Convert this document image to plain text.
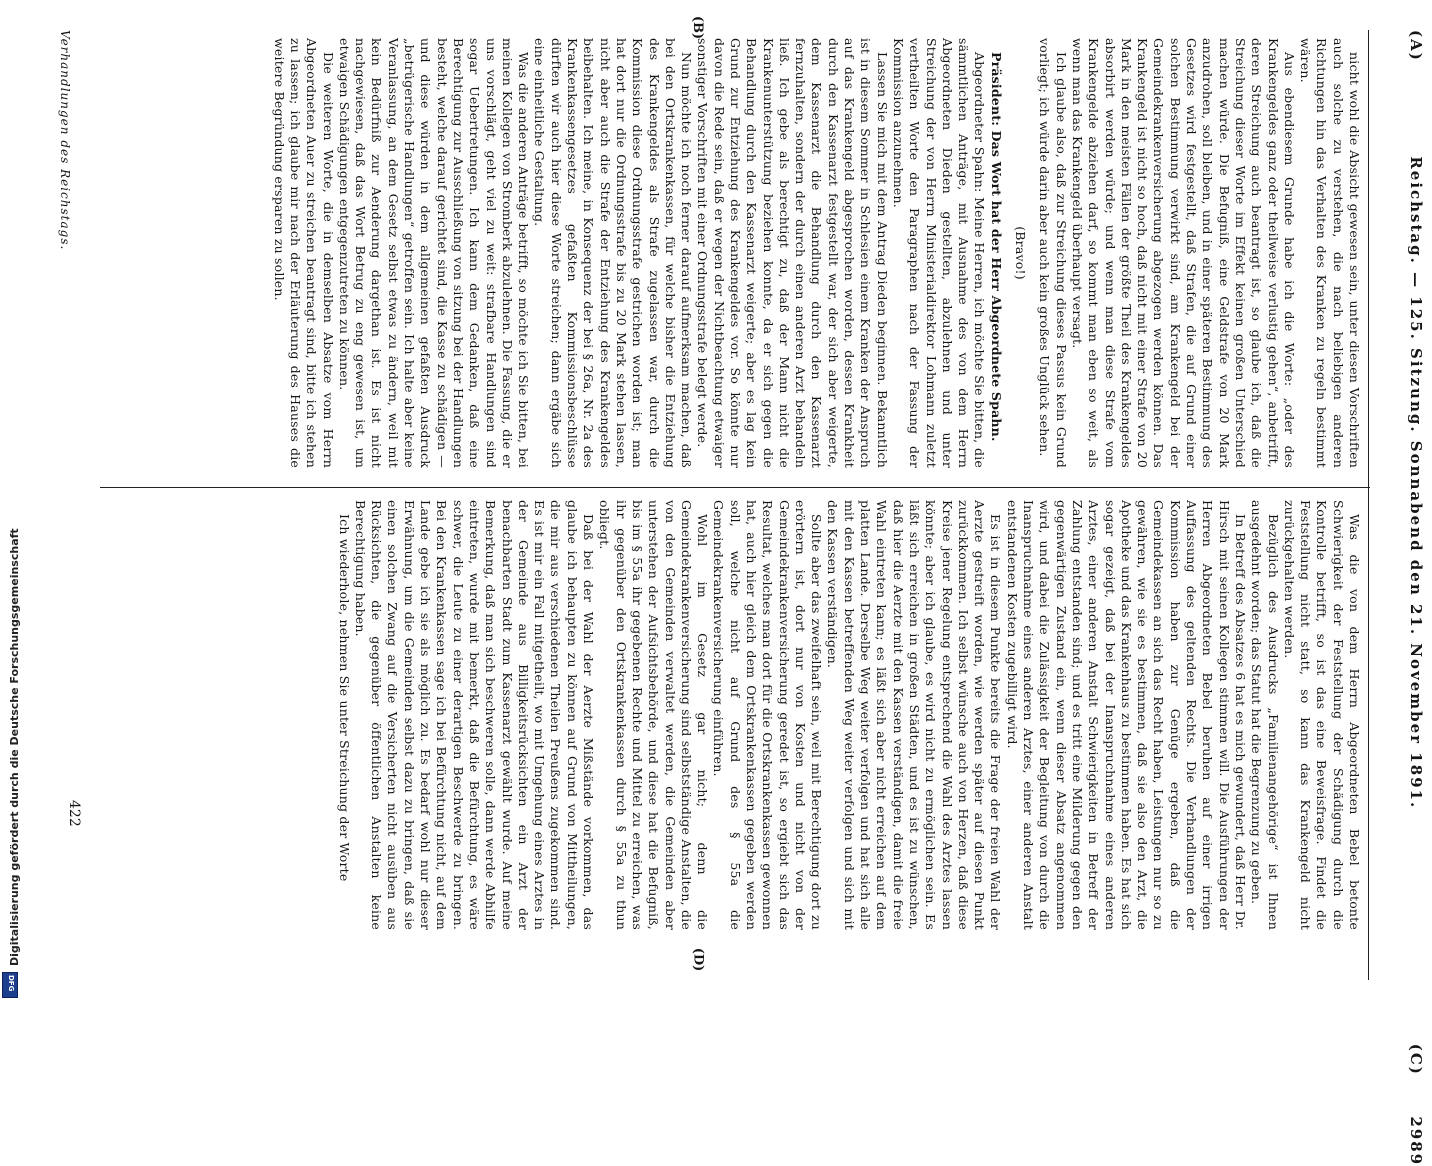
(A)  Reichstag. — 125. Sitzung. Sonnabend den 21. November 1891.  (C)  2989

nicht wohl die Absicht gewesen sein, unter diesen Vorschriften auch solche zu verstehen, die nach beliebigen anderen Richtungen hin das Verhalten des Kranken zu regeln bestimmt wären.

Aus ebendiesem Grunde habe ich die Worte: „oder des Krankengeldes ganz oder theilweise verlustig gehen“, anbetrifft, deren Streichung auch beantragt ist, so glaube ich, daß die Streichung dieser Worte im Effekt keinen großen Unterschied machen würde. Die Befugniß, eine Geldstrafe von 20 Mark anzudrohen, soll bleiben, und in einer späteren Bestimmung des Gesetzes wird festgestellt, daß Strafen, die auf Grund einer solchen Bestimmung verwirkt sind, am Krankengeld bei der Gemeindekrankenversicherung abgezogen werden können. Das Krankengeld ist nicht so hoch, daß nicht mit einer Strafe von 20 Mark in den meisten Fällen der größte Theil des Krankengeldes absorbirt werden würde; und wenn man diese Strafe vom Krankengelde abziehen darf, so kommt man eben so weit, als wenn man das Krankengeld überhaupt versagt.

Ich glaube also, daß zur Streichung dieses Passus kein Grund vorliegt; ich würde darin aber auch kein großes Unglück sehen.

(Bravo!)

Präsident: Das Wort hat der Herr Abgeordnete Spahn.

Abgeordneter Spahn: Meine Herren, ich möchte Sie bitten, die sämmtlichen Anträge, mit Ausnahme des von dem Herrn Abgeordneten Dieden gestellten, abzulehnen und unter Streichung der von Herrn Ministerialdirektor Lohmann zuletzt vertheilten Worte den Paragraphen nach der Fassung der Kommission anzunehmen.

Lassen Sie mich mit dem Antrag Dieden beginnen. Bekanntlich ist in diesem Sommer in Schlesien einem Kranken der Anspruch auf das Krankengeld abgesprochen worden, dessen Krankheit durch den Kassenarzt festgestellt war, der sich aber weigerte, dem Kassenarzt die Behandlung durch den Kassenarzt fernzuhalten, sondern der durch einen anderen Arzt behandeln ließ. Ich gebe als berechtigt zu, daß der Mann nicht die Krankenunterstützung beziehen konnte, da er sich gegen die Behandlung durch den Kassenarzt weigerte; aber es lag kein Grund zur Entziehung des Krankengeldes vor. So könnte nur davon die Rede sein, daß er wegen der Nichtbeachtung etwaiger sonstiger Vorschriften mit einer Ordnungsstrafe belegt werde.

Nun möchte ich noch ferner darauf aufmerksam machen, daß bei den Ortskrankenkassen, für welche bisher die Entziehung des Krankengeldes als Strafe zugelassen war, durch die Kommission diese Ordnungsstrafe gestrichen worden ist; man hat dort nur die Ordnungsstrafe bis zu 20 Mark stehen lassen, nicht aber auch die Strafe der Entziehung des Krankengeldes beibehalten. Ich meine, in Konsequenz der bei § 26a, Nr. 2a des Krankenkassengesetzes gefaßten Kommissionsbeschlüsse dürften wir auch hier diese Worte streichen; dann ergäbe sich eine einheitliche Gestaltung.

Was die anderen Anträge betrifft, so möchte ich Sie bitten, bei meinen Kollegen von Stromberk abzulehnen. Die Fassung, die er uns vorschlägt, geht viel zu weit: strafbare Handlungen sind sogar Uebertretungen. Ich kann dem Gedanken, daß eine Berechtigung zur Ausschließung von sitzung bei der Handlungen besteht, welche darauf gerichtet sind, die Kasse zu schädigen — und diese würden in dem allgemeinen gefaßten Ausdruck „betrügerische Handlungen“ getroffen sein. Ich halte aber keine Veranlassung, an dem Gesetz selbst etwas zu ändern, weil mit kein Bedürfniß zur Aenderung dargethan ist. Es ist nicht nachgewiesen, daß das Wort Betrug zu eng gewesen ist, um etwaigen Schädigungen entgegenzutreten zu können.

Die weiteren Worte, die in demselben Absatze vom Herrn Abgeordneten Auer zu streichen beantragt sind, bitte ich stehen zu lassen; ich glaube mir nach der Erläuterung des Hauses die weitere Begründung ersparen zu sollen.

(B)
(D)
Verhandlungen des Reichstags.

Was die von dem Herrn Abgeordneten Bebel betonte Schwierigkeit der Feststellung der Schädigung durch die Kontrolle betrifft, so ist das eine Beweisfrage. Findet die Feststellung nicht statt, so kann das Krankengeld nicht zurückgehalten werden.

Bezüglich des Ausdrucks „Familienangehörige“ ist Ihnen ausgedehnt worden; das Statut hat die Begrenzung zu geben.

In Betreff des Absatzes 6 hat es mich gewundert, daß Herr Dr. Hirsch mit seinen Kollegen stimmen will. Die Ausführungen der Herren Abgeordneten Bebel beruhen auf einer irrigen Auffassung des geltenden Rechts. Die Verhandlungen der Kommission haben zur Genüge ergeben, daß die Gemeindekassen an sich das Recht haben, Leistungen nur so zu gewähren, wie sie es bestimmen, daß sie also den Arzt, die Apotheke und das Krankenhaus zu bestimmen haben. Es hat sich sogar gezeigt, daß bei der Inanspruchnahme eines anderen Arztes, einer anderen Anstalt Schwierigkeiten in Betreff der Zahlung entstanden sind; und es tritt eine Milderung gegen den gegenwärtigen Zustand ein, wenn dieser Absatz angenommen wird, und dabei die Zulässigkeit der Begleitung von durch die Inanspruchnahme eines anderen Arztes, einer anderen Anstalt entstandenen Kosten zugebilligt wird.

Es ist in diesem Punkte bereits die Frage der freien Wahl der Aerzte gestreift worden, wie werden später auf diesen Punkt zurückkommen. Ich selbst wünsche auch von Herzen, daß diese Kreise jener Regelung entsprechend die Wahl des Arztes lassen könnte; aber ich glaube, es wird nicht zu ermöglichen sein. Es läßt sich erreichen in großen Städten, und es ist zu wünschen, daß hier die Aerzte mit den Kassen verständigen, damit die freie Wahl eintreten kann; es läßt sich aber nicht erreichen auf dem platten Lande. Derselbe Weg weiter verfolgen und hat sich alle mit den Kassen betreffenden Weg weiter verfolgen und sich mit den Kassen verständigen.

Sollte aber das zweifelhaft sein, weil mit Berechtigung dort zu erörtern ist, dort nur von Kosten und nicht von der Gemeindekrankenversicherung geredet ist, so ergiebt sich das Resultat, welches man dort für die Ortskrankenkassen gewonnen hat, auch hier gleich dem Ortskrankenkassen gegeben werden soll, welche nicht auf Grund des § 55a die Gemeindekrankenversicherung einführen.

Wohl im Gesetz gar nicht; denn die Gemeindekrankenversicherung sind selbstständige Anstalten, die von den Gemeinden verwaltet werden, die Gemeinden aber unterstehen der Aufsichtsbehörde, und diese hat die Befugniß, bis im § 55a ihr gegebenen Rechte und Mittel zu erreichen, was ihr gegenüber den Ortskrankenkassen durch § 55a zu thun obliegt.

Daß bei der Wahl der Aerzte Mißstände vorkommen, das glaube ich behaupten zu können auf Grund von Mittheilungen, die mir aus verschiedenen Theilen Preußens zugekommen sind. Es ist mir ein Fall mitgetheilt, wo mit Umgehung eines Arztes in der Gemeinde aus Billigkeitsrücksichten ein Arzt der benachbarten Stadt zum Kassenarzt gewählt wurde. Auf meine Bemerkung, daß man sich beschweren solle, dann werde Abhilfe eintreten, wurde mit bemerkt, daß die Befürchtung, es wäre schwer, die Leute zu einer derartigen Beschwerde zu bringen. Bei den Krankenkassen sage ich bei Befürchtung nicht, auf dem Lande gebe ich sie als möglich zu. Es bedarf wohl nur dieser Erwähnung, um die Gemeinden selbst dazu zu bringen, daß sie einen solchen Zwang auf die Versicherten nicht ausüben aus Rücksichten, die gegenüber öffentlichen Anstalten keine Berechtigung haben.

Ich wiederhole, nehmen Sie unter Streichung der Worte

422
Digitalisierung gefördert durch die Deutsche Forschungsgemeinschaft
DFG
